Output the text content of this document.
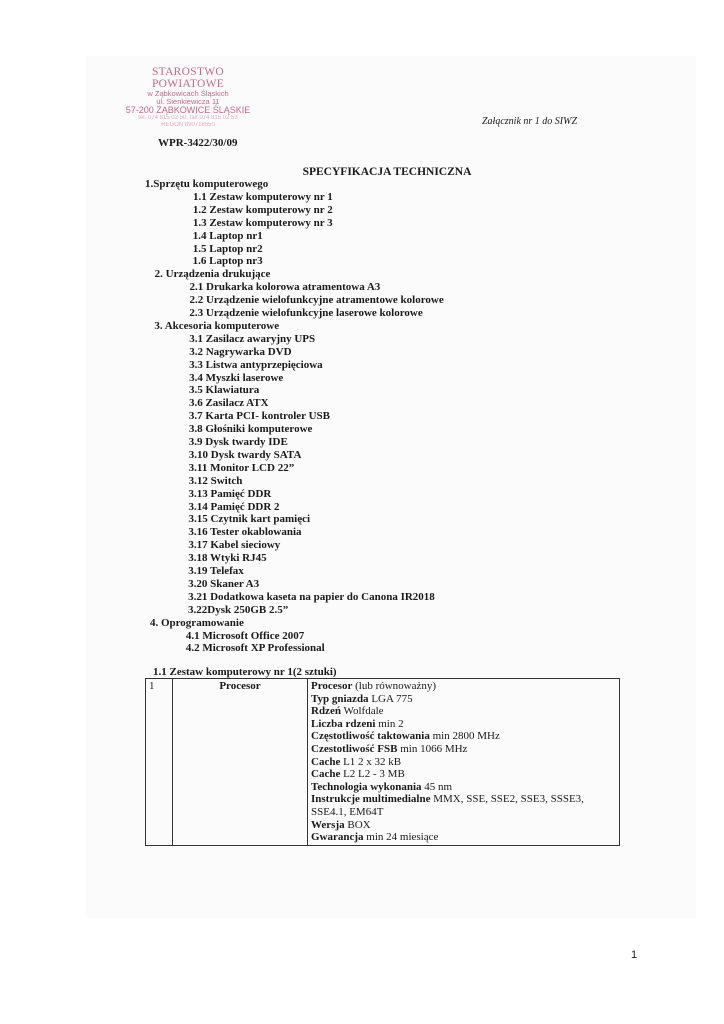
STAROSTWO POWIATOWE
w Ząbkowicach Śląskich
ul. Sienkiewicza 11
57-200 ZĄBKOWICE ŚLĄSKIE
tel. 074 815 02 50, fax 074 815 02 53
REGON 890718550	Załącznik nr 1 do SIWZ
WPR-3422/30/09
SPECYFIKACJA TECHNICZNA
1.Sprzętu komputerowego
1.1 Zestaw komputerowy nr 1
1.2 Zestaw komputerowy nr 2
1.3 Zestaw komputerowy nr 3
1.4 Laptop nr1
1.5 Laptop nr2
1.6 Laptop nr3
2. Urządzenia drukujące
2.1 Drukarka kolorowa atramentowa A3
2.2 Urządzenie wielofunkcyjne atramentowe kolorowe
2.3 Urządzenie wielofunkcyjne laserowe kolorowe
3. Akcesoria komputerowe
3.1 Zasilacz awaryjny UPS
3.2 Nagrywarka DVD
3.3 Listwa antyprzepięciowa
3.4 Myszki laserowe
3.5 Klawiatura
3.6 Zasilacz ATX
3.7 Karta PCI- kontroler USB
3.8 Głośniki komputerowe
3.9 Dysk twardy IDE
3.10 Dysk twardy SATA
3.11 Monitor LCD 22”
3.12 Switch
3.13 Pamięć DDR
3.14 Pamięć DDR 2
3.15 Czytnik kart pamięci
3.16 Tester okablowania
3.17 Kabel sieciowy
3.18 Wtyki RJ45
3.19 Telefax
3.20 Skaner A3
3.21 Dodatkowa kaseta na papier do Canona IR2018
3.22Dysk 250GB 2.5”
4. Oprogramowanie
4.1 Microsoft Office 2007
4.2 Microsoft XP Professional
1.1 Zestaw komputerowy nr 1(2 sztuki)
1	Procesor	Procesor (lub równoważny)
Typ gniazda LGA 775
Rdzeń Wolfdale
Liczba rdzeni min 2
Częstotliwość taktowania min 2800 MHz
Czestotliwość FSB min 1066 MHz
Cache L1 2 x 32 kB
Cache L2 L2 - 3 MB
Technologia wykonania 45 nm
Instrukcje multimedialne MMX, SSE, SSE2, SSE3, SSSE3, SSE4.1, EM64T
Wersja BOX
Gwarancja min 24 miesiące
1
